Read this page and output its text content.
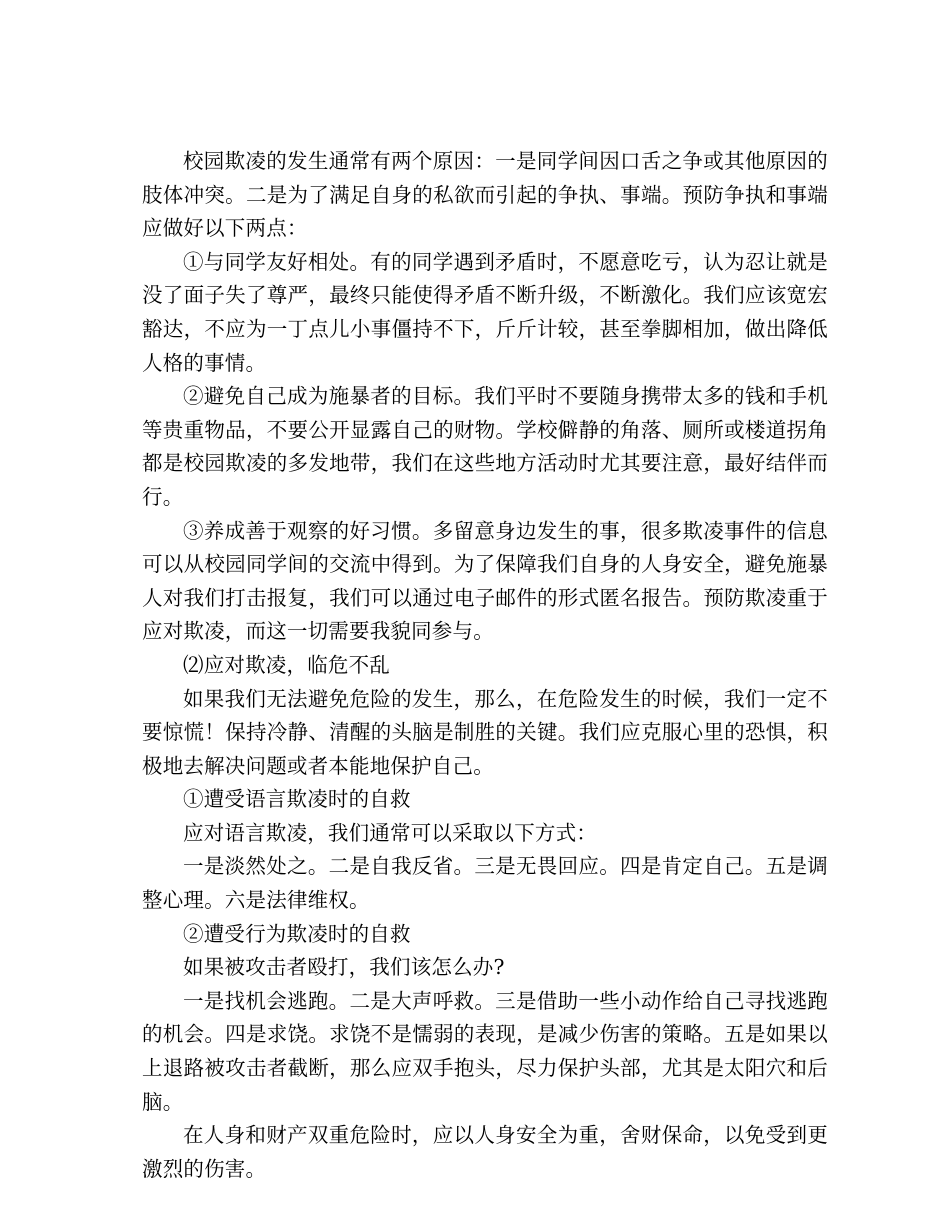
校园欺凌的发生通常有两个原因：一是同学间因口舌之争或其他原因的肢体冲突。二是为了满足自身的私欲而引起的争执、事端。预防争执和事端应做好以下两点：

①与同学友好相处。有的同学遇到矛盾时，不愿意吃亏，认为忍让就是没了面子失了尊严，最终只能使得矛盾不断升级，不断激化。我们应该宽宏豁达，不应为一丁点儿小事僵持不下，斤斤计较，甚至拳脚相加，做出降低人格的事情。

②避免自己成为施暴者的目标。我们平时不要随身携带太多的钱和手机等贵重物品，不要公开显露自己的财物。学校僻静的角落、厕所或楼道拐角都是校园欺凌的多发地带，我们在这些地方活动时尤其要注意，最好结伴而行。

③养成善于观察的好习惯。多留意身边发生的事，很多欺凌事件的信息可以从校园同学间的交流中得到。为了保障我们自身的人身安全，避免施暴人对我们打击报复，我们可以通过电子邮件的形式匿名报告。预防欺凌重于应对欺凌，而这一切需要我貌同参与。

⑵应对欺凌，临危不乱

如果我们无法避免危险的发生，那么，在危险发生的时候，我们一定不要惊慌！保持冷静、清醒的头脑是制胜的关键。我们应克服心里的恐惧，积极地去解决问题或者本能地保护自己。

①遭受语言欺凌时的自救

应对语言欺凌，我们通常可以采取以下方式：

一是淡然处之。二是自我反省。三是无畏回应。四是肯定自己。五是调整心理。六是法律维权。

②遭受行为欺凌时的自救

如果被攻击者殴打，我们该怎么办?

一是找机会逃跑。二是大声呼救。三是借助一些小动作给自己寻找逃跑的机会。四是求饶。求饶不是懦弱的表现，是减少伤害的策略。五是如果以上退路被攻击者截断，那么应双手抱头，尽力保护头部，尤其是太阳穴和后脑。

在人身和财产双重危险时，应以人身安全为重，舍财保命，以免受到更激烈的伤害。
